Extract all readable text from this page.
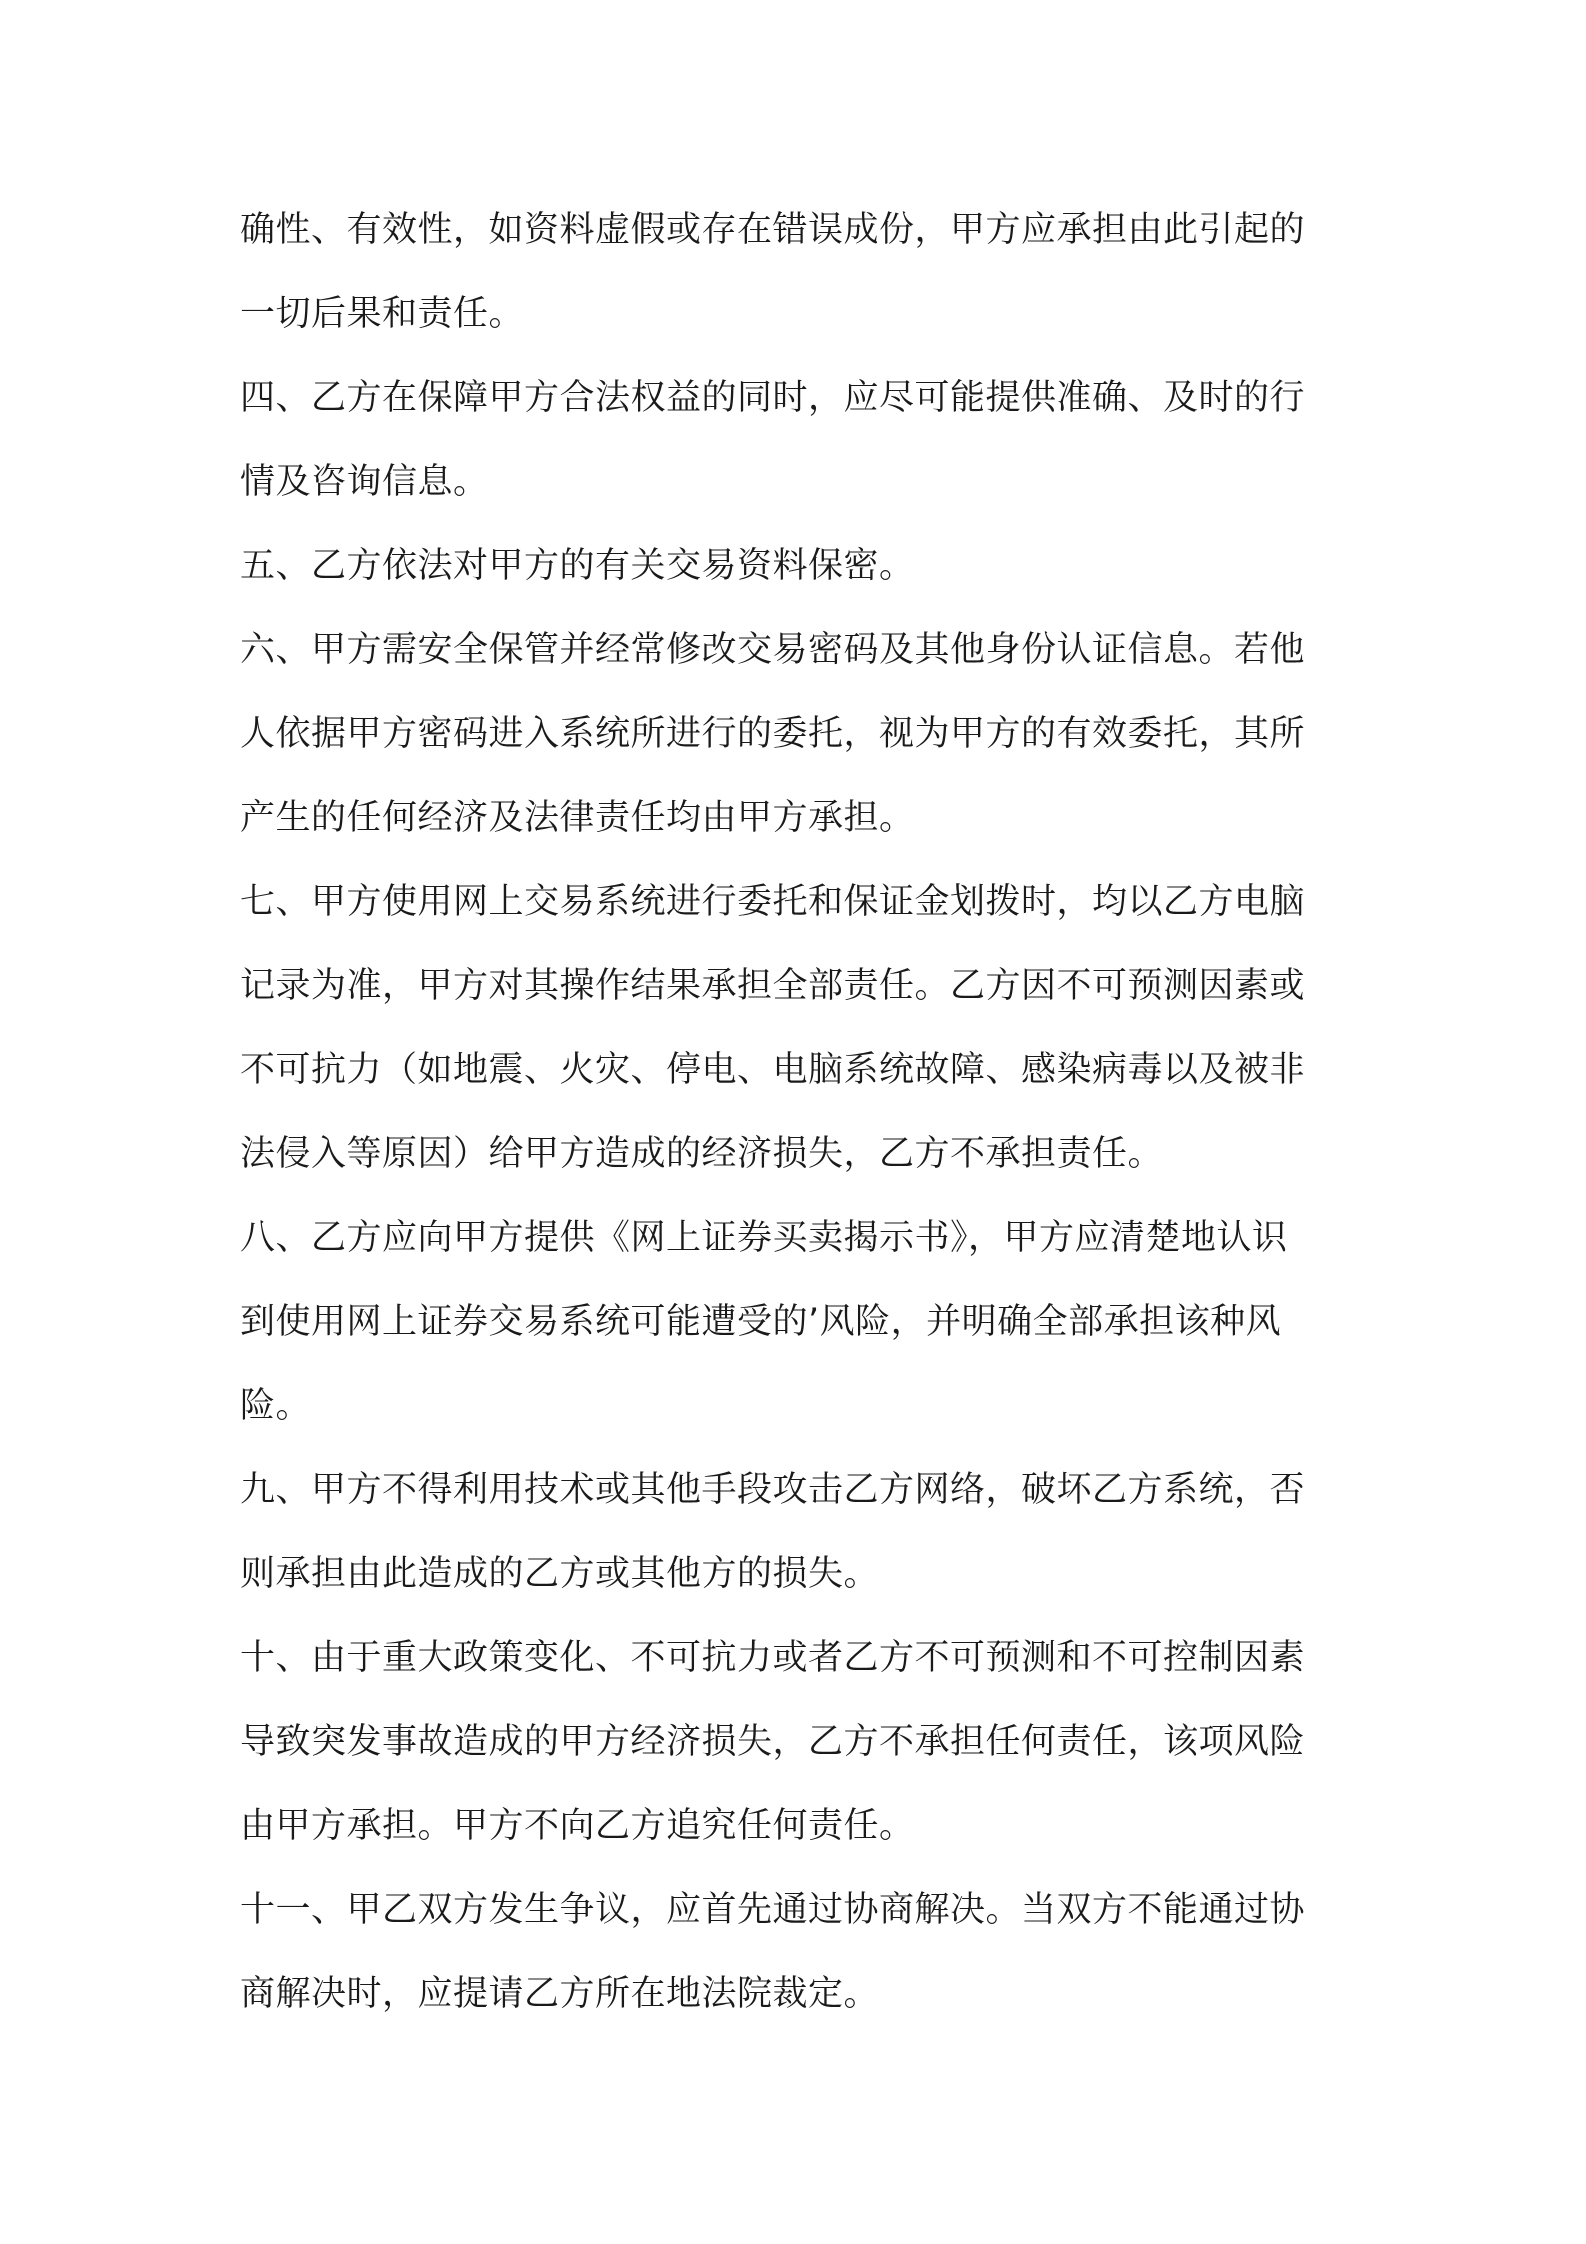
确性、有效性，如资料虚假或存在错误成份，甲方应承担由此引起的
一切后果和责任。
四、乙方在保障甲方合法权益的同时，应尽可能提供准确、及时的行
情及咨询信息。
五、乙方依法对甲方的有关交易资料保密。
六、甲方需安全保管并经常修改交易密码及其他身份认证信息。若他
人依据甲方密码进入系统所进行的委托，视为甲方的有效委托，其所
产生的任何经济及法律责任均由甲方承担。
七、甲方使用网上交易系统进行委托和保证金划拨时，均以乙方电脑
记录为准，甲方对其操作结果承担全部责任。乙方因不可预测因素或
不可抗力（如地震、火灾、停电、电脑系统故障、感染病毒以及被非
法侵入等原因）给甲方造成的经济损失，乙方不承担责任。
八、乙方应向甲方提供《网上证券买卖揭示书》，甲方应清楚地认识
到使用网上证券交易系统可能遭受的’风险，并明确全部承担该种风
险。
九、甲方不得利用技术或其他手段攻击乙方网络，破坏乙方系统，否
则承担由此造成的乙方或其他方的损失。
十、由于重大政策变化、不可抗力或者乙方不可预测和不可控制因素
导致突发事故造成的甲方经济损失，乙方不承担任何责任，该项风险
由甲方承担。甲方不向乙方追究任何责任。
十一、甲乙双方发生争议，应首先通过协商解决。当双方不能通过协
商解决时，应提请乙方所在地法院裁定。
